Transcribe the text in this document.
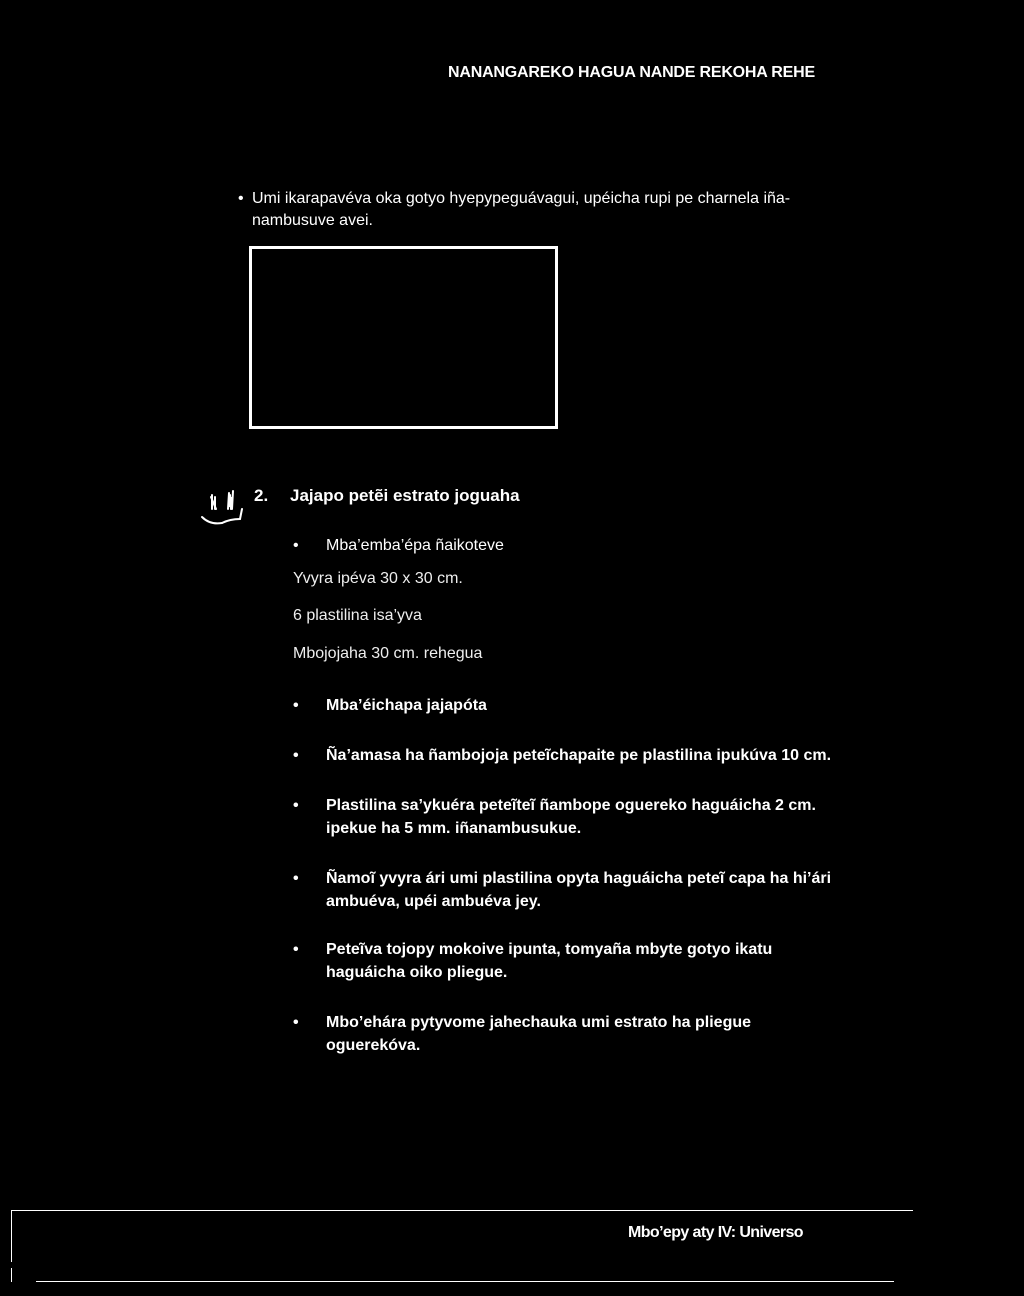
NANANGAREKO HAGUA NANDE REKOHA REHE
• Umi ikarapavéva oka gotyo hyepypeguávagui, upéicha rupi pe charnela iña-
nambusuve avei.
2. Jajapo petẽi estrato joguaha
•	Mba’emba’épa ñaikoteve
Yvyra ipéva 30 x 30 cm.
6 plastilina isa’yva
Mbojojaha 30 cm. rehegua
•	Mba’éichapa jajapóta
•	Ña’amasa ha ñambojoja peteĩchapaite pe plastilina ipukúva 10 cm.
•	Plastilina sa’ykuéra peteĩteĩ ñambope oguereko haguáicha 2 cm. ipekue ha 5 mm. iñanambusukue.
•	Ñamoĩ yvyra ári umi plastilina opyta haguáicha peteĩ capa ha hi’ári ambuéva, upéi ambuéva jey.
•	Peteĩva tojopy mokoive ipunta, tomyaña mbyte gotyo ikatu haguáicha oiko pliegue.
•	Mbo’ehára pytyvome jahechauka umi estrato ha pliegue oguerekóva.
Mbo’epy aty IV: Universo
